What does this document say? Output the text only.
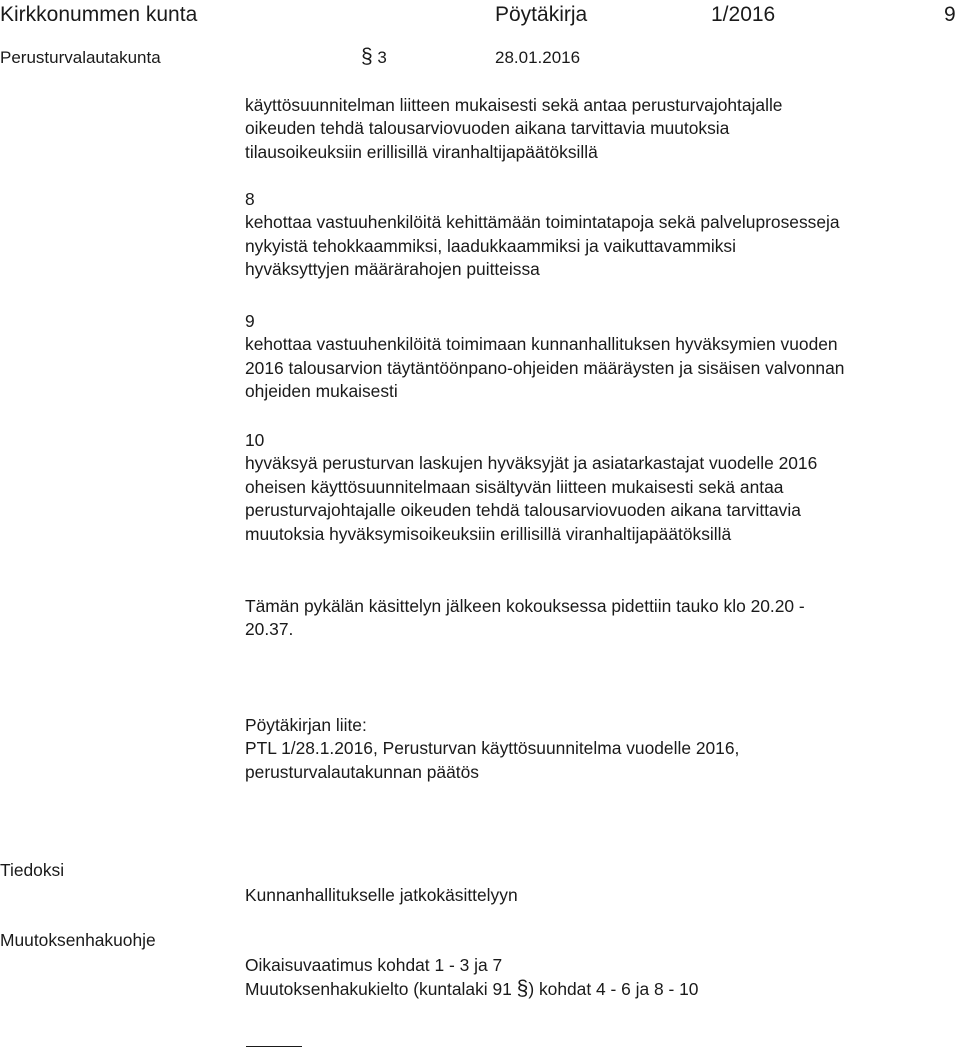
Kirkkonummen kunta	Pöytäkirja	1/2016	9
Perusturvalautakunta	§ 3	28.01.2016
käyttösuunnitelman liitteen mukaisesti sekä antaa perusturvajohtajalle
oikeuden tehdä talousarviovuoden aikana tarvittavia muutoksia
tilausoikeuksiin erillisillä viranhaltijapäätöksillä
8
kehottaa vastuuhenkilöitä kehittämään toimintatapoja sekä palveluprosesseja
nykyistä tehokkaammiksi, laadukkaammiksi ja vaikuttavammiksi
hyväksyttyjen määrärahojen puitteissa
9
kehottaa vastuuhenkilöitä toimimaan kunnanhallituksen hyväksymien vuoden
2016 talousarvion täytäntöönpano-ohjeiden määräysten ja sisäisen valvonnan
ohjeiden mukaisesti
10
hyväksyä perusturvan laskujen hyväksyjät ja asiatarkastajat vuodelle 2016
oheisen käyttösuunnitelmaan sisältyvän liitteen mukaisesti sekä antaa
perusturvajohtajalle oikeuden tehdä talousarviovuoden aikana tarvittavia
muutoksia hyväksymisoikeuksiin erillisillä viranhaltijapäätöksillä
Tämän pykälän käsittelyn jälkeen kokouksessa pidettiin tauko klo 20.20 -
20.37.
Pöytäkirjan liite:
PTL 1/28.1.2016, Perusturvan käyttösuunnitelma vuodelle 2016,
perusturvalautakunnan päätös
Tiedoksi
Kunnanhallitukselle jatkokäsittelyyn
Muutoksenhakuohje
Oikaisuvaatimus kohdat 1 - 3 ja 7
Muutoksenhakukielto (kuntalaki 91 §) kohdat 4 - 6 ja 8 - 10
